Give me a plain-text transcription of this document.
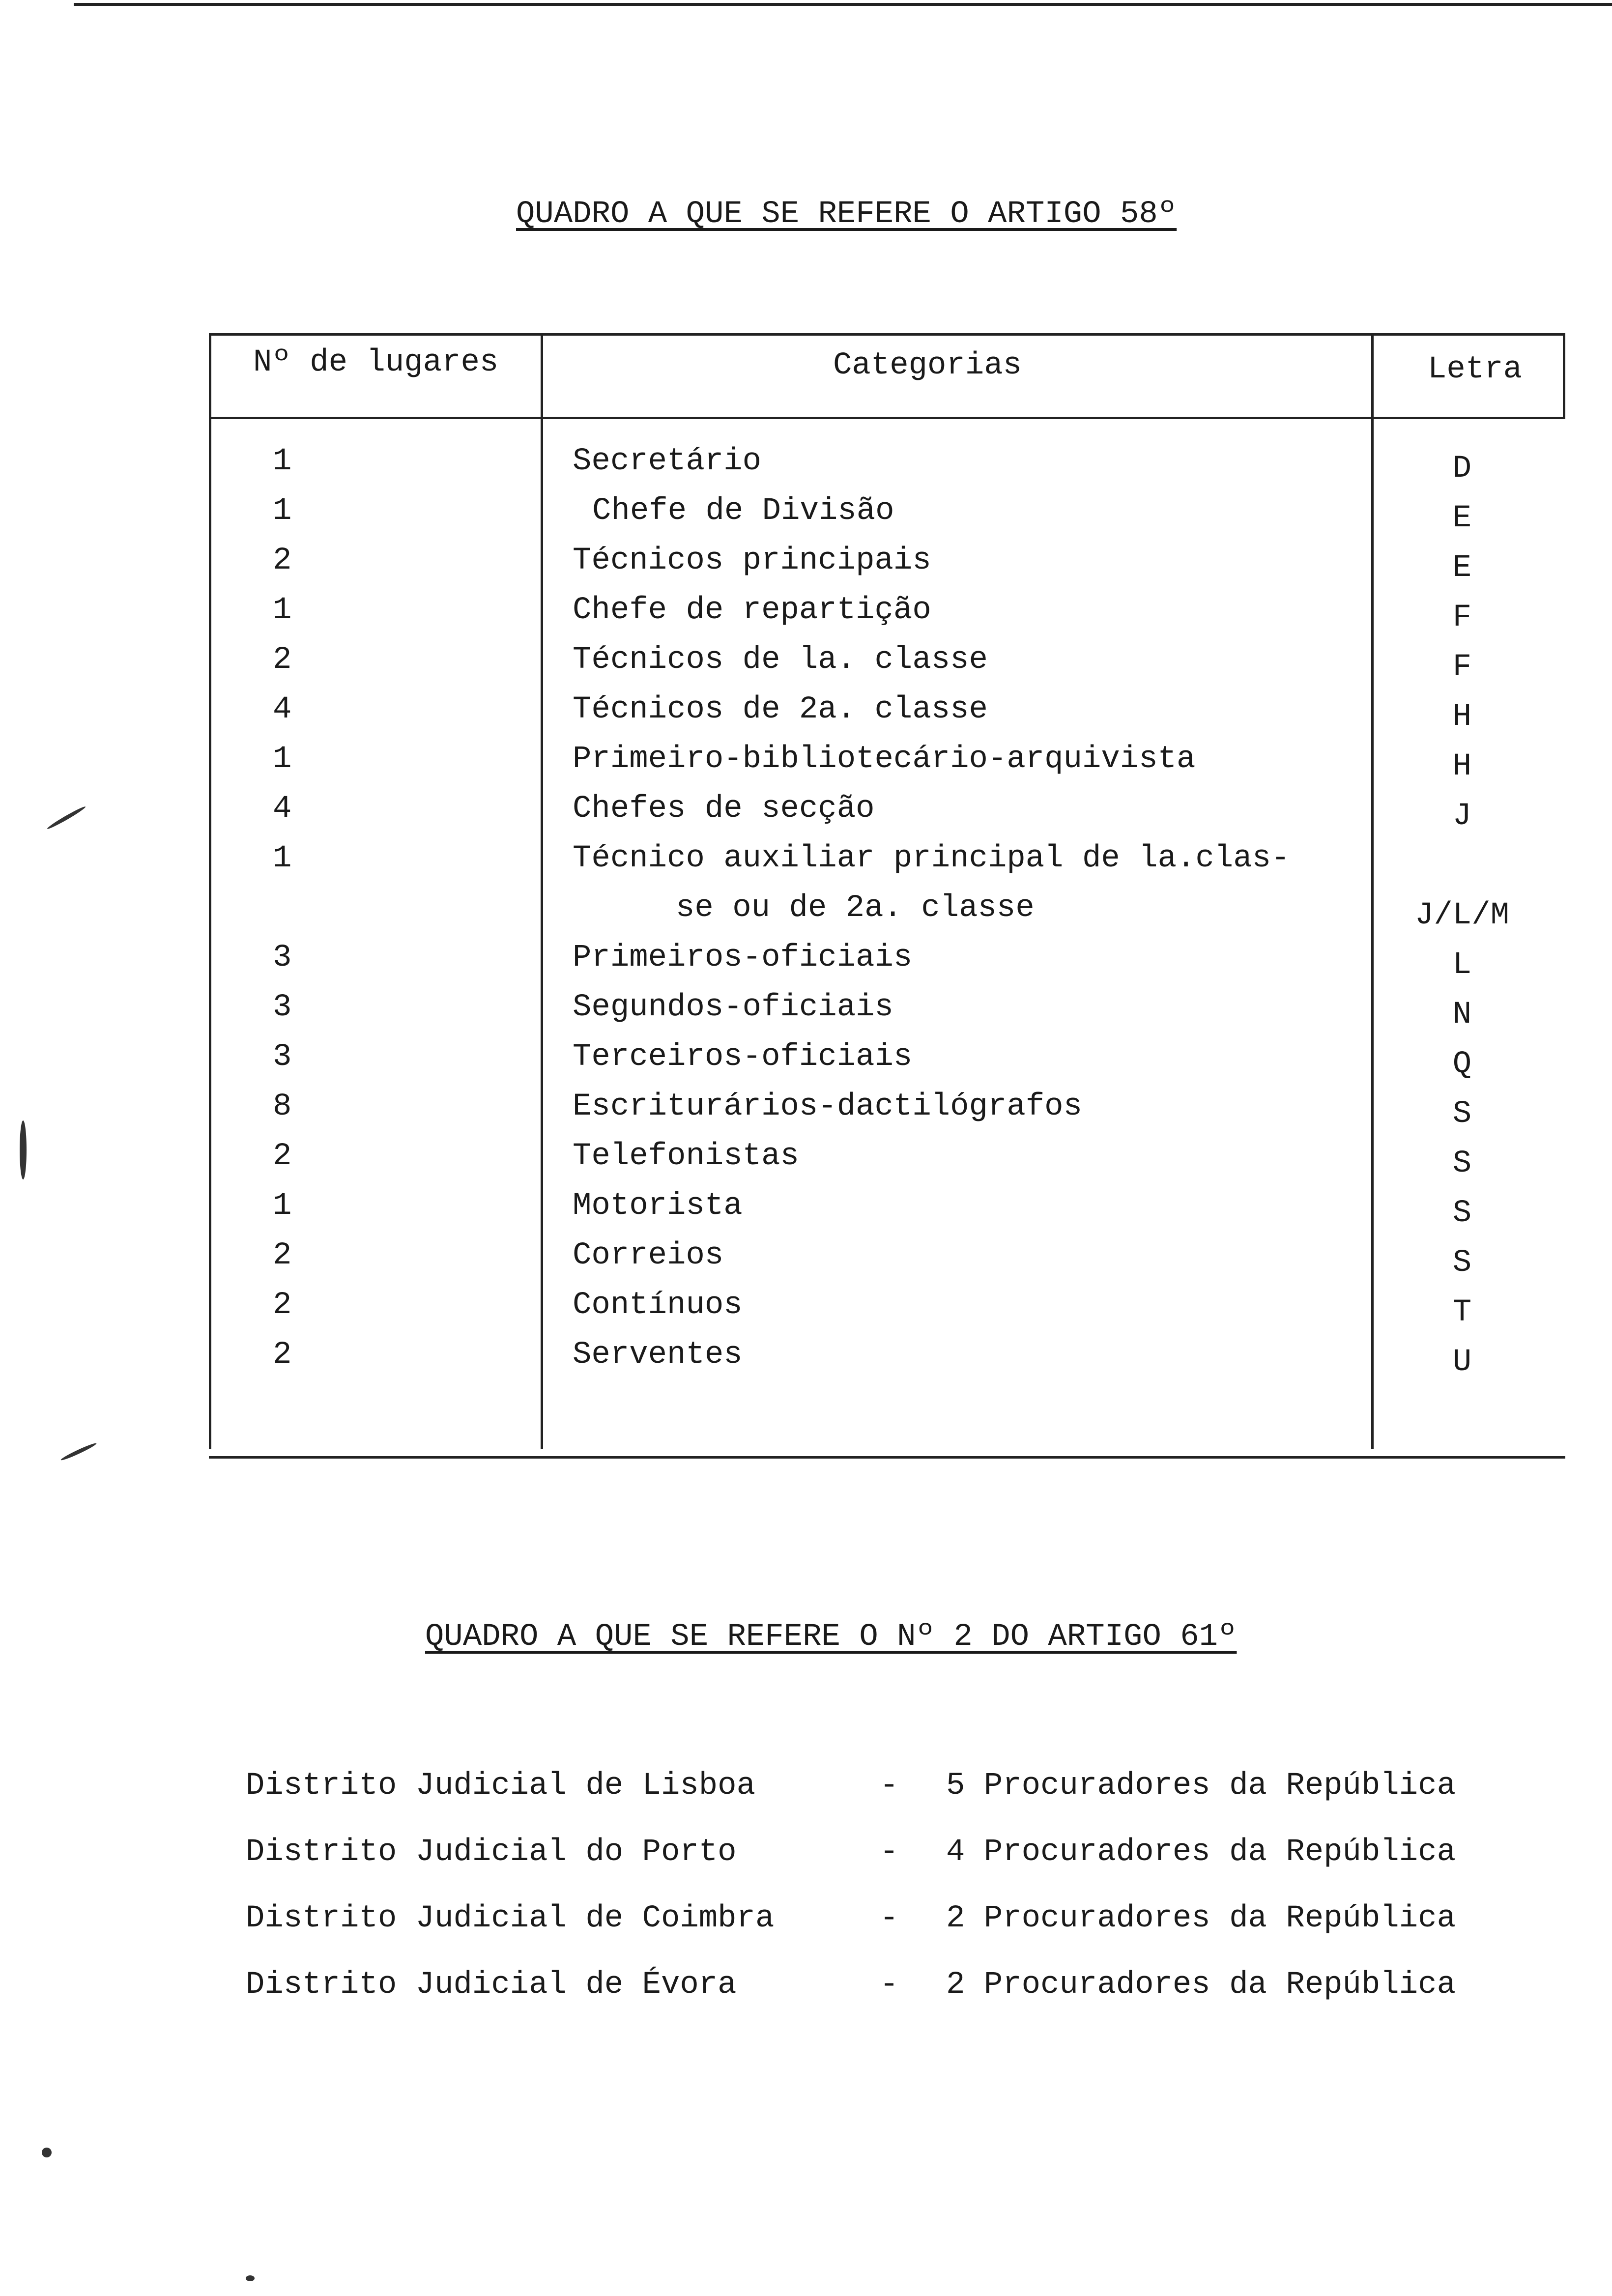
QUADRO A QUE SE REFERE O ARTIGO 58º
Nº de lugares	Categorias	Letra
1	Secretário	D
1	Chefe de Divisão	E
2	Técnicos principais	E
1	Chefe de repartição	F
2	Técnicos de la. classe	F
4	Técnicos de 2a. classe	H
1	Primeiro-bibliotecário-arquivista	H
4	Chefes de secção	J
1	Técnico auxiliar principal de la.clas-
se ou de 2a. classe	J/L/M
3	Primeiros-oficiais	L
3	Segundos-oficiais	N
3	Terceiros-oficiais	Q
8	Escriturários-dactilógrafos	S
2	Telefonistas	S
1	Motorista	S
2	Correios	S
2	Contínuos	T
2	Serventes	U
QUADRO A QUE SE REFERE O Nº 2 DO ARTIGO 61º
Distrito Judicial de Lisboa	- 5 Procuradores da República
Distrito Judicial do Porto	- 4 Procuradores da República
Distrito Judicial de Coimbra	- 2 Procuradores da República
Distrito Judicial de Évora	- 2 Procuradores da República
